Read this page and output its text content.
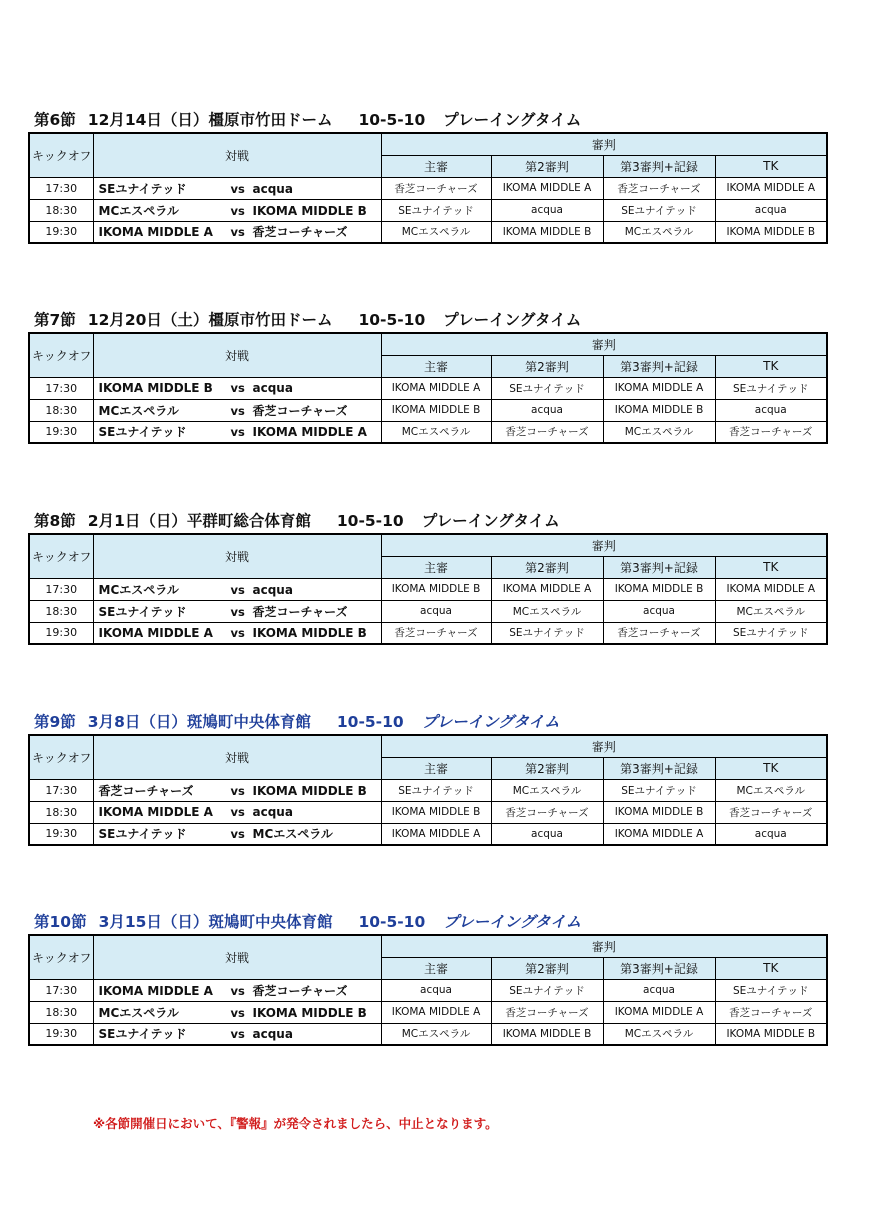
第6節 12月14日（日）橿原市竹田ドーム 10-5-10 プレーイングタイム
キックオフ	対戦	審判			
		主審	第2審判	第3審判+記録	TK
17:30	SEユナイテッド vs acqua	香芝コーチャーズ	IKOMA MIDDLE A	香芝コーチャーズ	IKOMA MIDDLE A
18:30	MCエスペラル vs IKOMA MIDDLE B	SEユナイテッド	acqua	SEユナイテッド	acqua
19:30	IKOMA MIDDLE A vs 香芝コーチャーズ	MCエスペラル	IKOMA MIDDLE B	MCエスペラル	IKOMA MIDDLE B
第7節 12月20日（土）橿原市竹田ドーム 10-5-10 プレーイングタイム
キックオフ	対戦	審判			
		主審	第2審判	第3審判+記録	TK
17:30	IKOMA MIDDLE B vs acqua	IKOMA MIDDLE A	SEユナイテッド	IKOMA MIDDLE A	SEユナイテッド
18:30	MCエスペラル vs 香芝コーチャーズ	IKOMA MIDDLE B	acqua	IKOMA MIDDLE B	acqua
19:30	SEユナイテッド vs IKOMA MIDDLE A	MCエスペラル	香芝コーチャーズ	MCエスペラル	香芝コーチャーズ
第8節 2月1日（日）平群町総合体育館 10-5-10 プレーイングタイム
キックオフ	対戦	審判			
		主審	第2審判	第3審判+記録	TK
17:30	MCエスペラル vs acqua	IKOMA MIDDLE B	IKOMA MIDDLE A	IKOMA MIDDLE B	IKOMA MIDDLE A
18:30	SEユナイテッド vs 香芝コーチャーズ	acqua	MCエスペラル	acqua	MCエスペラル
19:30	IKOMA MIDDLE A vs IKOMA MIDDLE B	香芝コーチャーズ	SEユナイテッド	香芝コーチャーズ	SEユナイテッド
第9節 3月8日（日）斑鳩町中央体育館 10-5-10 プレーイングタイム
キックオフ	対戦	審判			
		主審	第2審判	第3審判+記録	TK
17:30	香芝コーチャーズ vs IKOMA MIDDLE B	SEユナイテッド	MCエスペラル	SEユナイテッド	MCエスペラル
18:30	IKOMA MIDDLE A vs acqua	IKOMA MIDDLE B	香芝コーチャーズ	IKOMA MIDDLE B	香芝コーチャーズ
19:30	SEユナイテッド vs MCエスペラル	IKOMA MIDDLE A	acqua	IKOMA MIDDLE A	acqua
第10節 3月15日（日）斑鳩町中央体育館 10-5-10 プレーイングタイム
キックオフ	対戦	審判			
		主審	第2審判	第3審判+記録	TK
17:30	IKOMA MIDDLE A vs 香芝コーチャーズ	acqua	SEユナイテッド	acqua	SEユナイテッド
18:30	MCエスペラル vs IKOMA MIDDLE B	IKOMA MIDDLE A	香芝コーチャーズ	IKOMA MIDDLE A	香芝コーチャーズ
19:30	SEユナイテッド vs acqua	MCエスペラル	IKOMA MIDDLE B	MCエスペラル	IKOMA MIDDLE B
※各節開催日において、『警報』が発令されましたら、中止となります。
